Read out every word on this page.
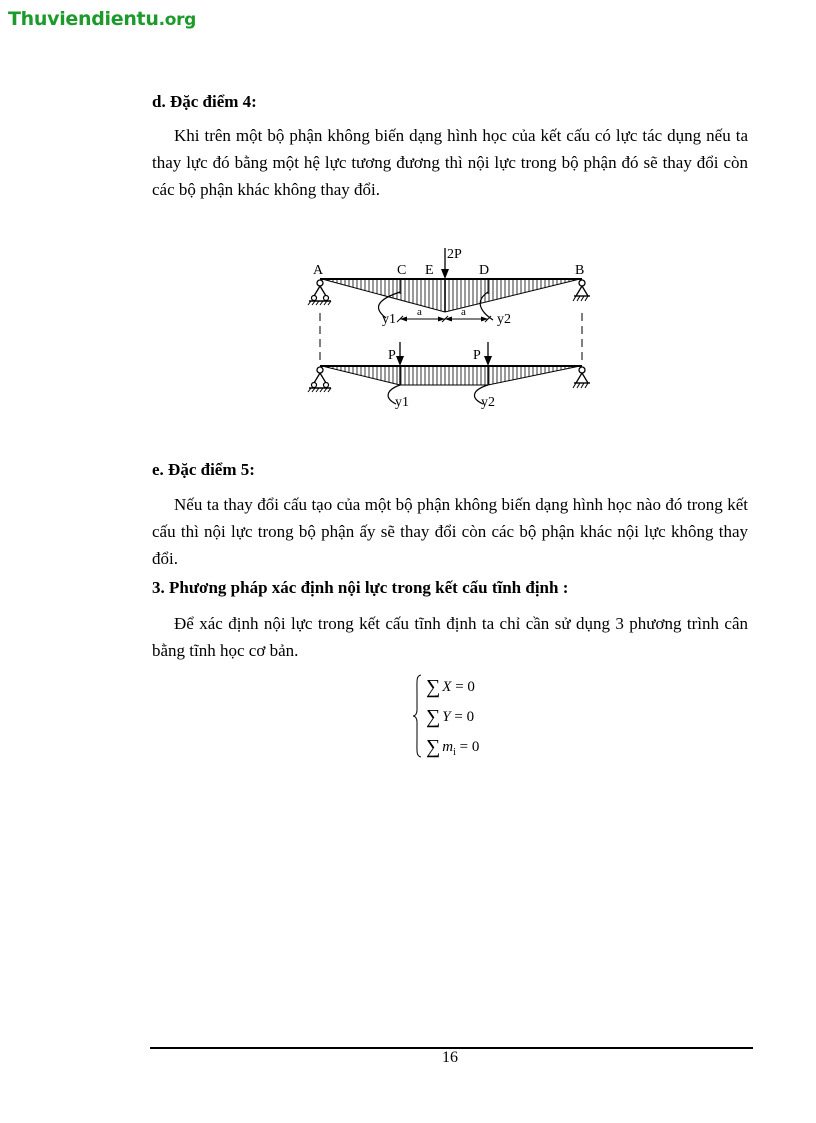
Thuviendientu.org
d. Đặc điểm 4:

Khi trên một bộ phận không biến dạng hình học của kết cấu có lực tác dụng nếu ta thay lực đó bằng một hệ lực tương đương thì nội lực trong bộ phận đó sẽ thay đổi còn các bộ phận khác không thay đổi.

A	C E	D	B
2P
a	a
y1	y2
P	P
y1	y2
e. Đặc điểm 5:

Nếu ta thay đổi cấu tạo của một bộ phận không biến dạng hình học nào đó trong kết cấu thì nội lực trong bộ phận ấy sẽ thay đổi còn các bộ phận khác nội lực không thay đổi.

3. Phương pháp xác định nội lực trong kết cấu tĩnh định :

Để xác định nội lực trong kết cấu tĩnh định ta chỉ cần sử dụng 3 phương trình cân bằng tĩnh học cơ bản.

∑ X = 0
∑ Y = 0
∑ $m_i = 0$
16
